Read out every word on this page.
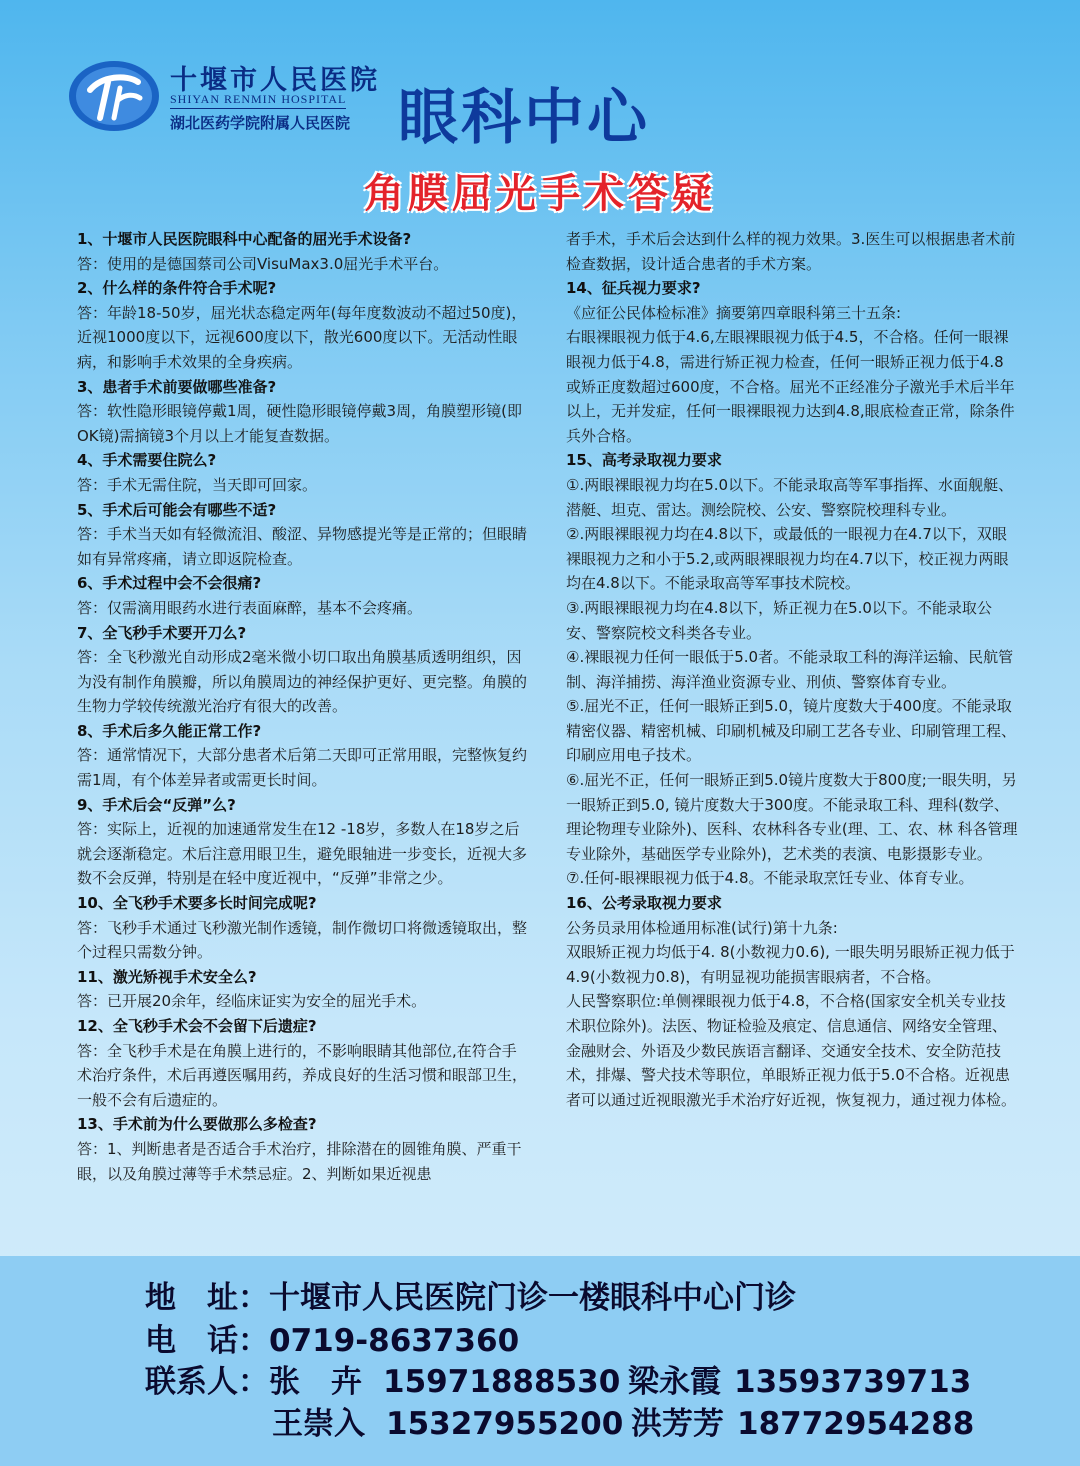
十堰市人民医院
SHIYAN RENMIN HOSPITAL
湖北医药学院附属人民医院 眼科中心
角膜屈光手术答疑
1、十堰市人民医院眼科中心配备的屈光手术设备?
答：使用的是德国蔡司公司VisuMax3.0屈光手术平台。
2、什么样的条件符合手术呢?
答：年龄18-50岁，屈光状态稳定两年(每年度数波动不超过50度)，近视1000度以下，远视600度以下，散光600度以下。无活动性眼病，和影响手术效果的全身疾病。
3、患者手术前要做哪些准备?
答：软性隐形眼镜停戴1周，硬性隐形眼镜停戴3周，角膜塑形镜(即OK镜)需摘镜3个月以上才能复查数据。
4、手术需要住院么?
答：手术无需住院，当天即可回家。
5、手术后可能会有哪些不适?
答：手术当天如有轻微流泪、酸涩、异物感提光等是正常的；但眼睛如有异常疼痛，请立即返院检查。
6、手术过程中会不会很痛?
答：仅需滴用眼药水进行表面麻醉，基本不会疼痛。
7、全飞秒手术要开刀么?
答：全飞秒激光自动形成2毫米微小切口取出角膜基质透明组织，因为没有制作角膜瓣，所以角膜周边的神经保护更好、更完整。角膜的生物力学较传统激光治疗有很大的改善。
8、手术后多久能正常工作?
答：通常情况下，大部分患者术后第二天即可正常用眼，完整恢复约需1周，有个体差异者或需更长时间。
9、手术后会“反弹”么?
答：实际上，近视的加速通常发生在12 -18岁，多数人在18岁之后就会逐渐稳定。术后注意用眼卫生，避免眼轴进一步变长，近视大多数不会反弹，特别是在轻中度近视中，“反弹”非常之少。
10、全飞秒手术要多长时间完成呢?
答：飞秒手术通过飞秒激光制作透镜，制作微切口将微透镜取出，整个过程只需数分钟。
11、激光矫视手术安全么?
答：已开展20余年，经临床证实为安全的屈光手术。
12、全飞秒手术会不会留下后遗症?
答：全飞秒手术是在角膜上进行的，不影响眼睛其他部位,在符合手术治疗条件，术后再遵医嘱用药，养成良好的生活习惯和眼部卫生，一般不会有后遗症的。
13、手术前为什么要做那么多检查?
答：1、判断患者是否适合手术治疗，排除潜在的圆锥角膜、严重干眼，以及角膜过薄等手术禁忌症。2、判断如果近视患
者手术，手术后会达到什么样的视力效果。3.医生可以根据患者术前检查数据，设计适合患者的手术方案。
14、征兵视力要求?
《应征公民体检标准》摘要第四章眼科第三十五条:
右眼裸眼视力低于4.6,左眼裸眼视力低于4.5，不合格。任何一眼裸眼视力低于4.8，需进行矫正视力检查，任何一眼矫正视力低于4.8或矫正度数超过600度，不合格。屈光不正经准分子激光手术后半年以上，无并发症，任何一眼裸眼视力达到4.8,眼底检查正常，除条件兵外合格。
15、高考录取视力要求
①.两眼裸眼视力均在5.0以下。不能录取高等军事指挥、水面舰艇、潜艇、坦克、雷达。测绘院校、公安、警察院校理科专业。
②.两眼裸眼视力均在4.8以下，或最低的一眼视力在4.7以下，双眼裸眼视力之和小于5.2,或两眼裸眼视力均在4.7以下，校正视力两眼均在4.8以下。不能录取高等军事技术院校。
③.两眼裸眼视力均在4.8以下，矫正视力在5.0以下。不能录取公安、警察院校文科类各专业。
④.裸眼视力任何一眼低于5.0者。不能录取工科的海洋运输、民航管制、海洋捕捞、海洋渔业资源专业、刑侦、警察体育专业。
⑤.屈光不正，任何一眼矫正到5.0，镜片度数大于400度。不能录取精密仪器、精密机械、印刷机械及印刷工艺各专业、印刷管理工程、印刷应用电子技术。
⑥.屈光不正，任何一眼矫正到5.0镜片度数大于800度;一眼失明，另一眼矫正到5.0, 镜片度数大于300度。不能录取工科、理科(数学、理论物理专业除外)、医科、农林科各专业(理、工、农、林 科各管理专业除外，基础医学专业除外)，艺术类的表演、电影摄影专业。
⑦.任何-眼裸眼视力低于4.8。不能录取烹饪专业、体育专业。
16、公考录取视力要求
公务员录用体检通用标准(试行)第十九条:
双眼矫正视力均低于4. 8(小数视力0.6), 一眼失明另眼矫正视力低于4.9(小数视力0.8)，有明显视功能损害眼病者，不合格。
人民警察职位:单侧裸眼视力低于4.8，不合格(国家安全机关专业技术职位除外)。法医、物证检验及痕定、信息通信、网络安全管理、金融财会、外语及少数民族语言翻译、交通安全技术、安全防范技术，排爆、警犬技术等职位，单眼矫正视力低于5.0不合格。近视患者可以通过近视眼激光手术治疗好近视，恢复视力，通过视力体检。
地　址：十堰市人民医院门诊一楼眼科中心门诊
电　话：0719-8637360
联系人：张　卉 15971888530 梁永霞 13593739713
王崇入 15327955200 洪芳芳 18772954288
